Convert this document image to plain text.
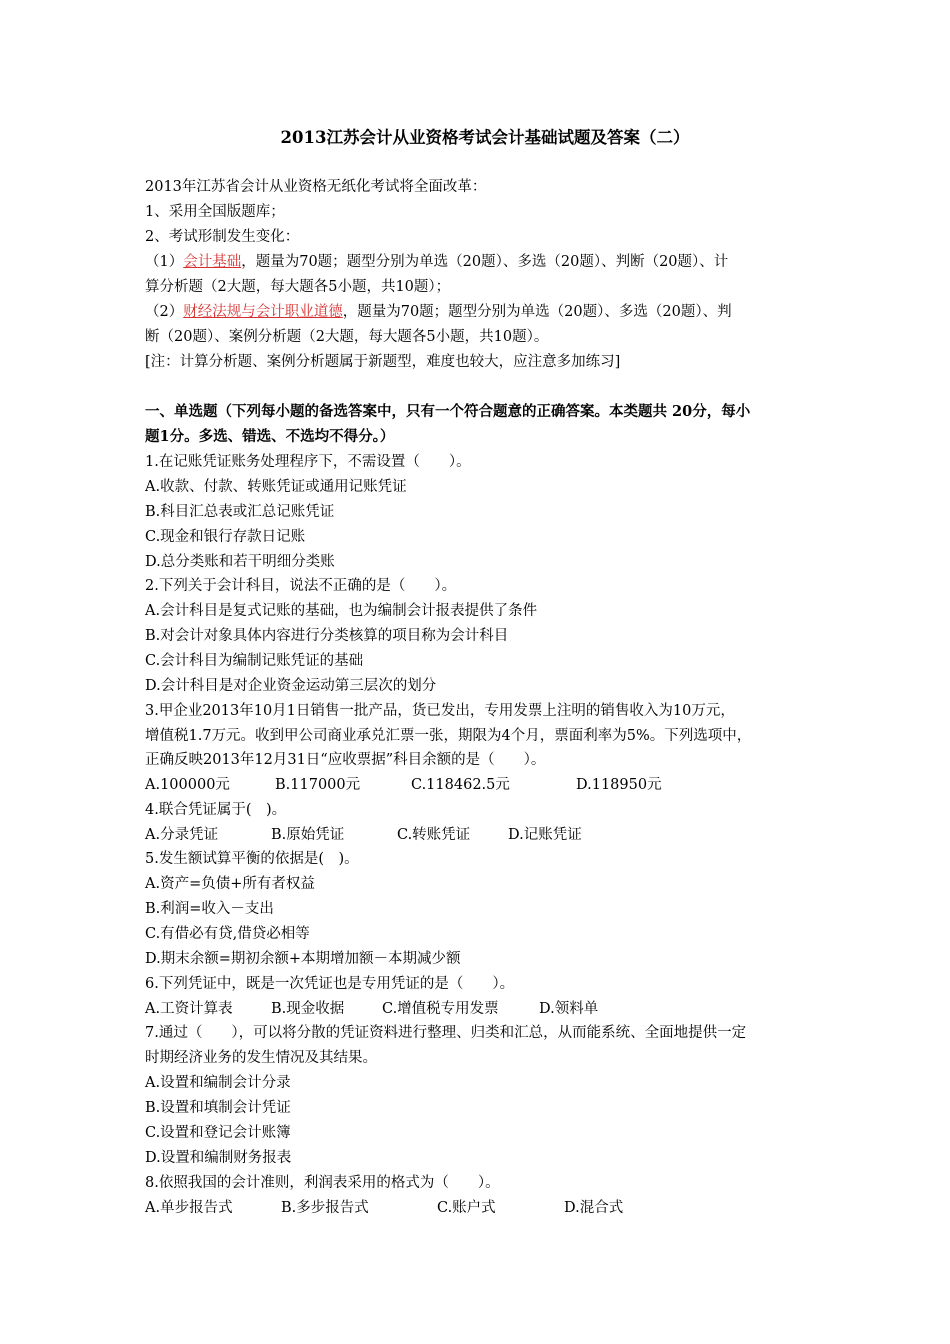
2013江苏会计从业资格考试会计基础试题及答案（二）
2013年江苏省会计从业资格无纸化考试将全面改革：
1、采用全国版题库；
2、考试形制发生变化：
（1）会计基础，题量为70题；题型分别为单选（20题）、多选（20题）、判断（20题）、计
算分析题（2大题，每大题各5小题，共10题）；
（2）财经法规与会计职业道德，题量为70题；题型分别为单选（20题）、多选（20题）、判
断（20题）、案例分析题（2大题，每大题各5小题，共10题）。
[注：计算分析题、案例分析题属于新题型，难度也较大，应注意多加练习]
一、单选题（下列每小题的备选答案中，只有一个符合题意的正确答案。本类题共 20分，每小
题1分。多选、错选、不选均不得分。）
1.在记账凭证账务处理程序下，不需设置（　　）。
A.收款、付款、转账凭证或通用记账凭证
B.科目汇总表或汇总记账凭证
C.现金和银行存款日记账
D.总分类账和若干明细分类账
2.下列关于会计科目，说法不正确的是（　　）。
A.会计科目是复式记账的基础，也为编制会计报表提供了条件
B.对会计对象具体内容进行分类核算的项目称为会计科目
C.会计科目为编制记账凭证的基础
D.会计科目是对企业资金运动第三层次的划分
3.甲企业2013年10月1日销售一批产品，货已发出，专用发票上注明的销售收入为10万元，
增值税1.7万元。收到甲公司商业承兑汇票一张，期限为4个月，票面利率为5%。下列选项中，
正确反映2013年12月31日“应收票据”科目余额的是（　　）。
A.100000元	B.117000元	C.118462.5元	D.118950元
4.联合凭证属于(　)。
A.分录凭证	B.原始凭证	C.转账凭证	D.记账凭证
5.发生额试算平衡的依据是(　)。
A.资产=负债+所有者权益
B.利润=收入－支出
C.有借必有贷,借贷必相等
D.期末余额=期初余额+本期增加额－本期减少额
6.下列凭证中，既是一次凭证也是专用凭证的是（　　）。
A.工资计算表	B.现金收据	C.增值税专用发票	D.领料单
7.通过（　　），可以将分散的凭证资料进行整理、归类和汇总，从而能系统、全面地提供一定
时期经济业务的发生情况及其结果。
A.设置和编制会计分录
B.设置和填制会计凭证
C.设置和登记会计账簿
D.设置和编制财务报表
8.依照我国的会计准则，利润表采用的格式为（　　）。
A.单步报告式	B.多步报告式	C.账户式	D.混合式
